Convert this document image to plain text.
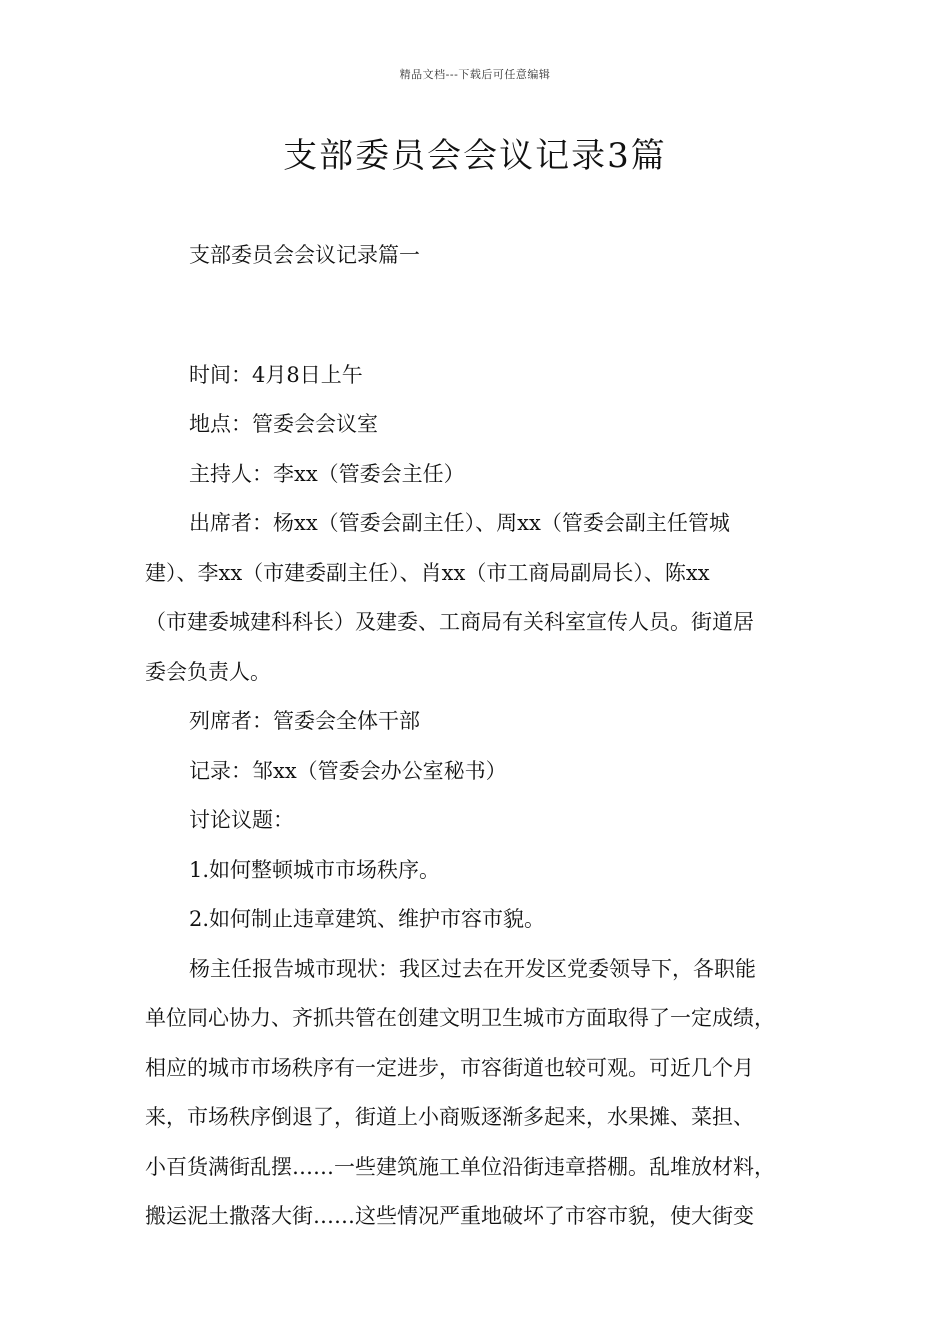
精品文档---下载后可任意编辑
支部委员会会议记录3篇
支部委员会会议记录篇一
时间：4月8日上午
地点：管委会会议室
主持人：李xx（管委会主任）
出席者：杨xx（管委会副主任）、周xx（管委会副主任管城
建）、李xx（市建委副主任）、肖xx（市工商局副局长）、陈xx
（市建委城建科科长）及建委、工商局有关科室宣传人员。街道居
委会负责人。
列席者：管委会全体干部
记录：邹xx（管委会办公室秘书）
讨论议题：
1.如何整顿城市市场秩序。
2.如何制止违章建筑、维护市容市貌。
杨主任报告城市现状：我区过去在开发区党委领导下，各职能
单位同心协力、齐抓共管在创建文明卫生城市方面取得了一定成绩，
相应的城市市场秩序有一定进步，市容街道也较可观。可近几个月
来，市场秩序倒退了，街道上小商贩逐渐多起来，水果摊、菜担、
小百货满街乱摆……一些建筑施工单位沿街违章搭棚。乱堆放材料，
搬运泥土撒落大街……这些情况严重地破坏了市容市貌，使大街变
